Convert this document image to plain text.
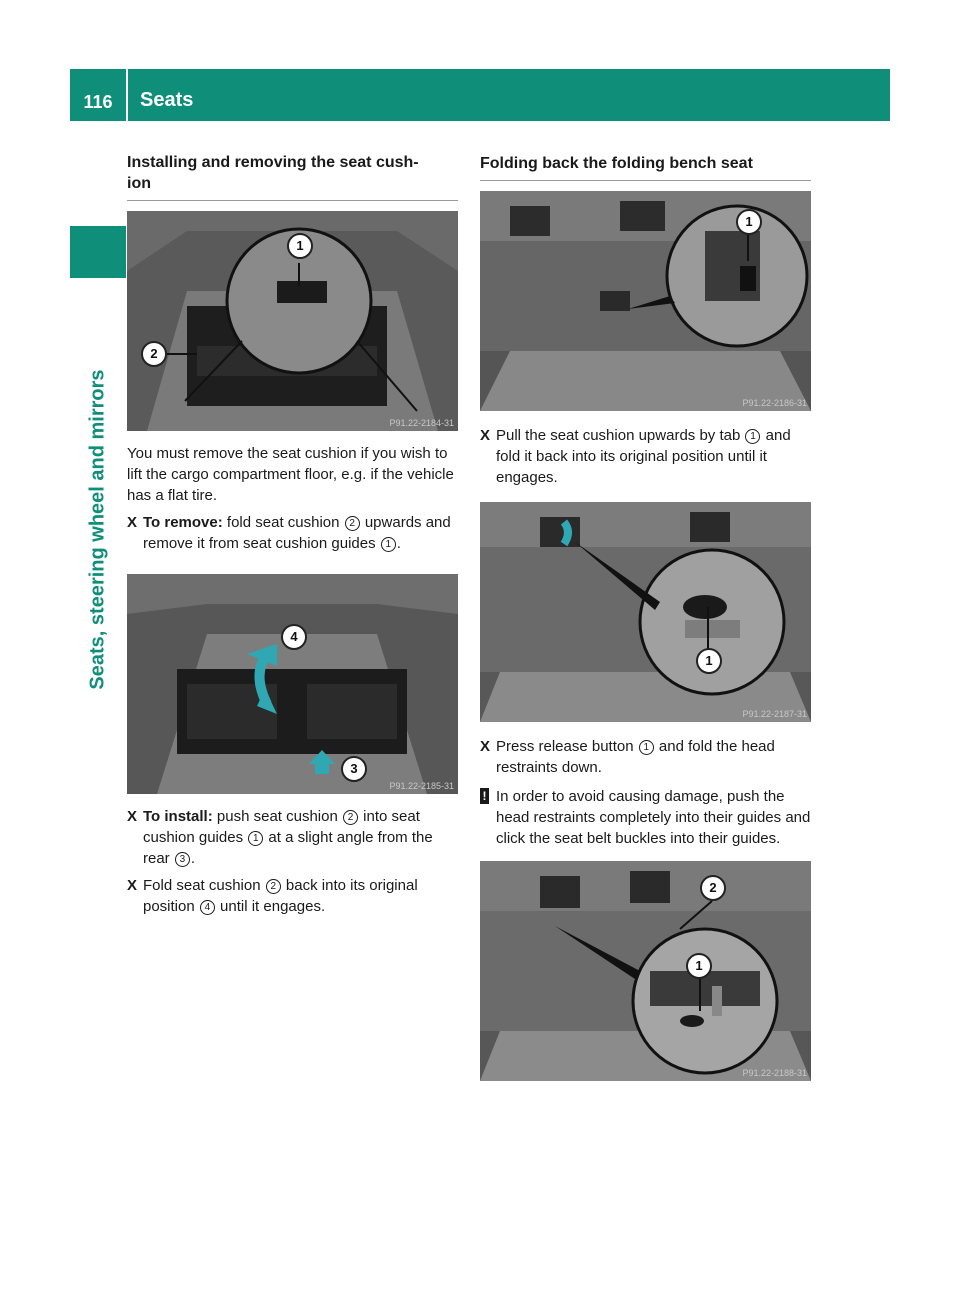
116	Seats
Seats, steering wheel and mirrors
Installing and removing the seat cush-
ion
1
2
P91.22-2184-31

You must remove the seat cushion if you wish to lift the cargo compartment floor, e.g. if the vehicle has a flat tire.

X To remove: fold seat cushion 2 upwards and remove it from seat cushion guides 1 .
4
3
P91.22-2185-31
X To install: push seat cushion 2 into seat cushion guides 1 at a slight angle from the rear 3 .
X Fold seat cushion 2 back into its original position 4 until it engages.
Folding back the folding bench seat
1
P91.22-2186-31
X Pull the seat cushion upwards by tab 1 and fold it back into its original position until it engages.
1
P91.22-2187-31
X Press release button 1 and fold the head restraints down.
! In order to avoid causing damage, push the head restraints completely into their guides and click the seat belt buckles into their guides.
2
1
P91.22-2188-31
